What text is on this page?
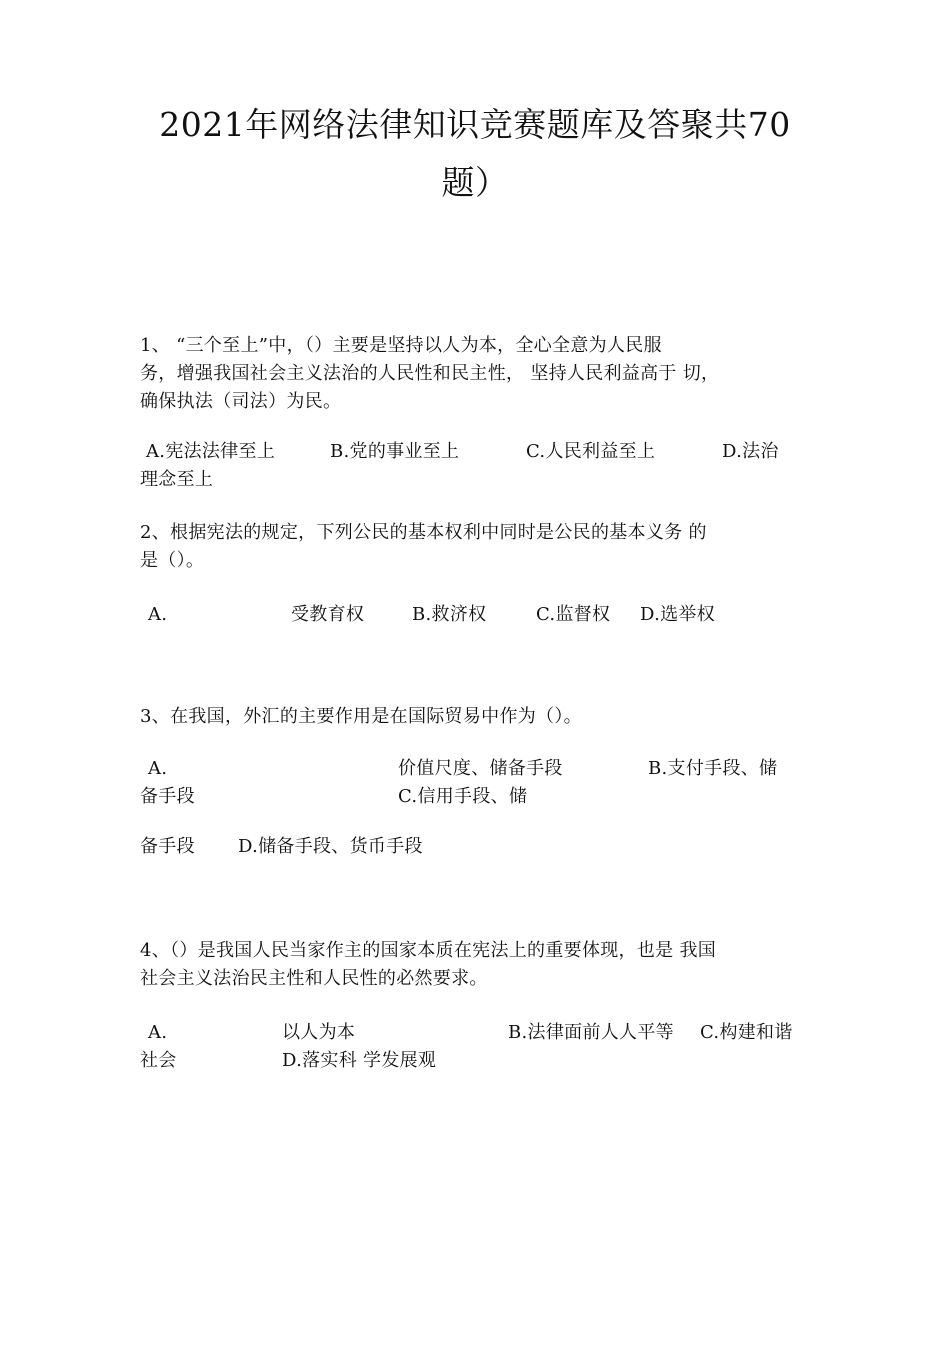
2021年网络法律知识竞赛题库及答聚共70
题）
1、 “三个至上”中，（）主要是坚持以人为本，全心全意为人民服
务，增强我国社会主义法治的人民性和民主性， 坚持人民利益高于 切，
确保执法（司法）为民。
A.宪法法律至上	B.党的事业至上	C.人民利益至上	D.法治
理念至上
2、根据宪法的规定，下列公民的基本权利中同时是公民的基本义务 的
是（）。
A.	受教育权	B.救济权	C.监督权 D.选举权
3、在我国，外汇的主要作用是在国际贸易中作为（）。
A.	价值尺度、储备手段	B.支付手段、储
备手段	C.信用手段、储
备手段 D.储备手段、货币手段
4、（）是我国人民当家作主的国家本质在宪法上的重要体现，也是 我国
社会主义法治民主性和人民性的必然要求。
A.	以人为本	B.法律面前人人平等 C.构建和谐
社会	D.落实科 学发展观
